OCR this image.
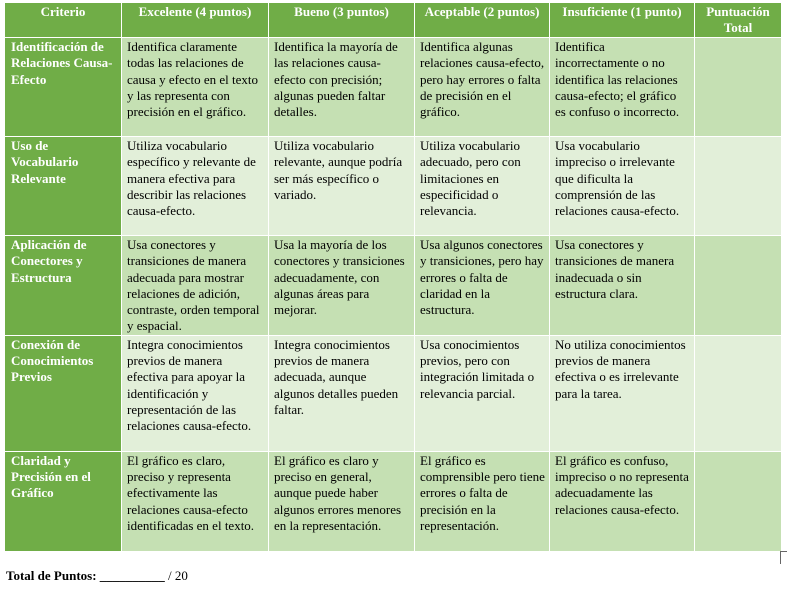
Criterio	Excelente (4 puntos)	Bueno (3 puntos)	Aceptable (2 puntos)	Insuficiente (1 punto)	Puntuación Total
Identificación de Relaciones Causa-Efecto	Identifica claramente todas las relaciones de causa y efecto en el texto y las representa con precisión en el gráfico.	Identifica la mayoría de las relaciones causa-efecto con precisión; algunas pueden faltar detalles.	Identifica algunas relaciones causa-efecto, pero hay errores o falta de precisión en el gráfico.	Identifica incorrectamente o no identifica las relaciones causa-efecto; el gráfico es confuso o incorrecto.	
Uso de Vocabulario Relevante	Utiliza vocabulario específico y relevante de manera efectiva para describir las relaciones causa-efecto.	Utiliza vocabulario relevante, aunque podría ser más específico o variado.	Utiliza vocabulario adecuado, pero con limitaciones en especificidad o relevancia.	Usa vocabulario impreciso o irrelevante que dificulta la comprensión de las relaciones causa-efecto.	
Aplicación de Conectores y Estructura	Usa conectores y transiciones de manera adecuada para mostrar relaciones de adición, contraste, orden temporal y espacial.	Usa la mayoría de los conectores y transiciones adecuadamente, con algunas áreas para mejorar.	Usa algunos conectores y transiciones, pero hay errores o falta de claridad en la estructura.	Usa conectores y transiciones de manera inadecuada o sin estructura clara.	
Conexión de Conocimientos Previos	Integra conocimientos previos de manera efectiva para apoyar la identificación y representación de las relaciones causa-efecto.	Integra conocimientos previos de manera adecuada, aunque algunos detalles pueden faltar.	Usa conocimientos previos, pero con integración limitada o relevancia parcial.	No utiliza conocimientos previos de manera efectiva o es irrelevante para la tarea.	
Claridad y Precisión en el Gráfico	El gráfico es claro, preciso y representa efectivamente las relaciones causa-efecto identificadas en el texto.	El gráfico es claro y preciso en general, aunque puede haber algunos errores menores en la representación.	El gráfico es comprensible pero tiene errores o falta de precisión en la representación.	El gráfico es confuso, impreciso o no representa adecuadamente las relaciones causa-efecto.	
Total de Puntos: __________ / 20
